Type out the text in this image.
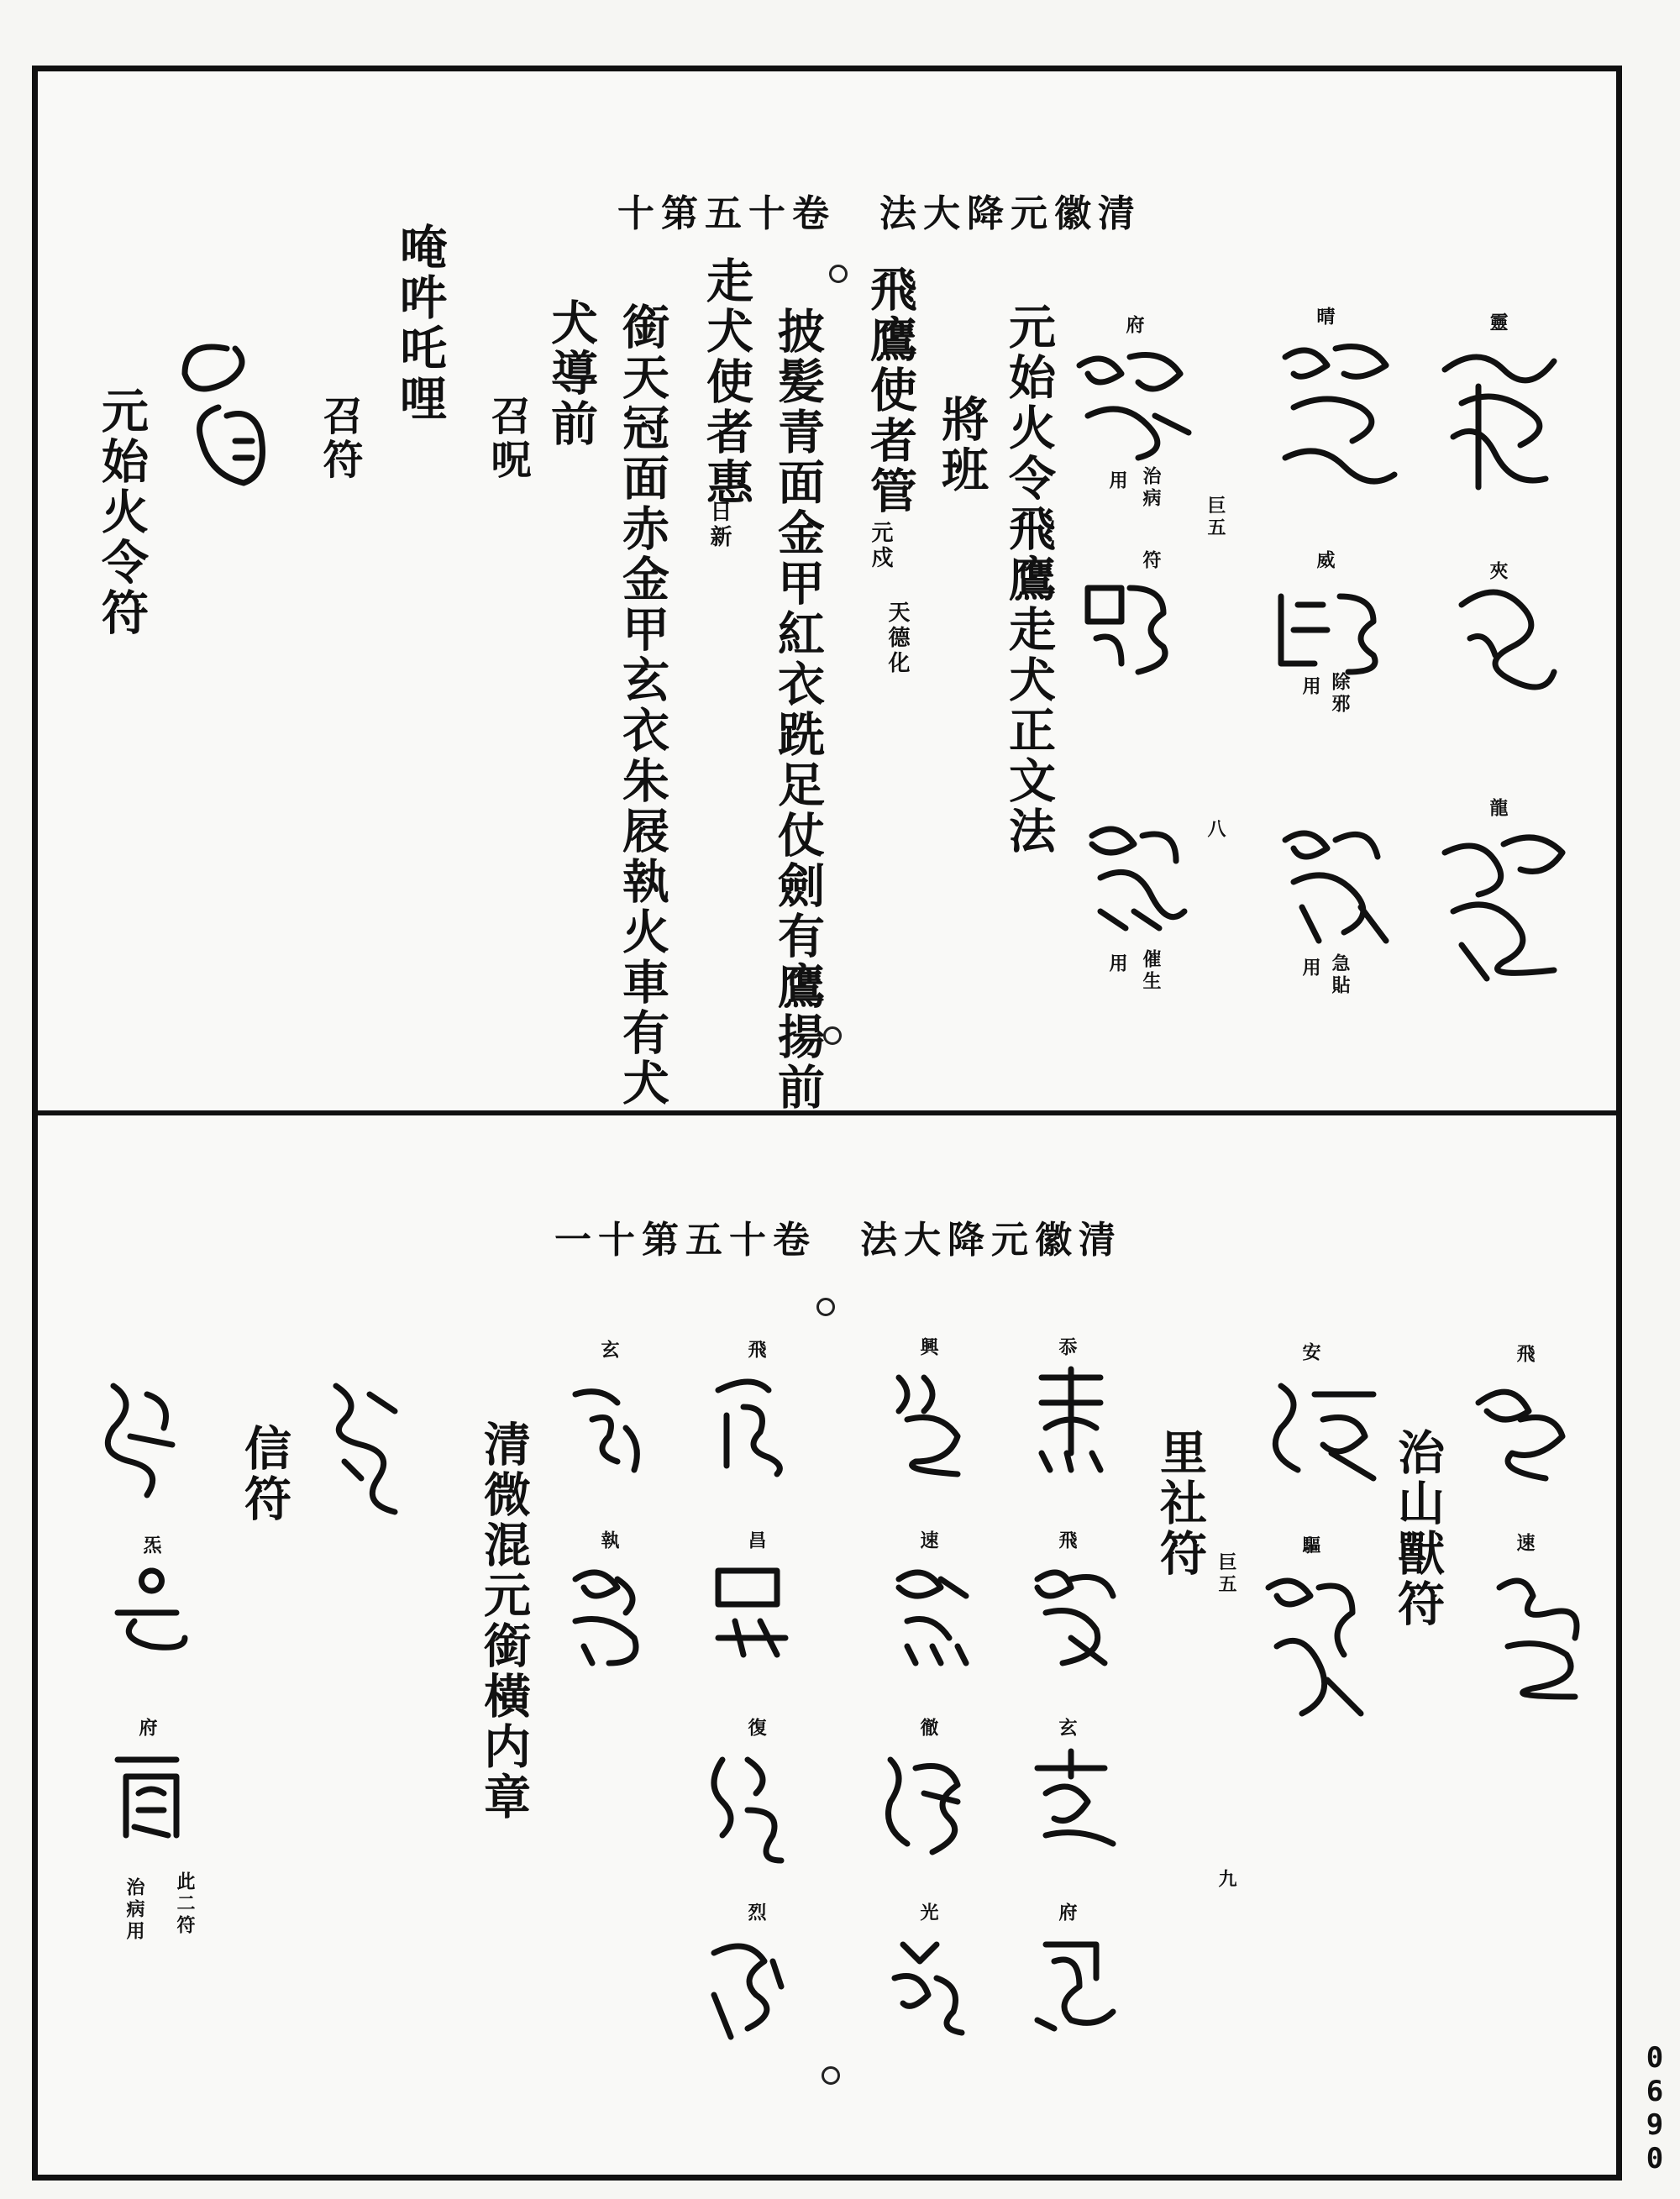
十第五十卷　法大降元徽清
元始火令飛鷹走犬正文法
將班
飛鷹使者管
元戍
天德化
披髪青面金甲紅衣跣足仗劍有鷹揚前
走犬使者惠
日新
銜天冠面赤金甲玄衣朱屐執火車有犬
犬導前
召呪
唵吽吒哩
召符
元始火令符	巨五
八
靈
夾
龍
晴
威
除邪
用
急貼
用
府
治病
用
符
催生
用
一十第五十卷　法大降元徽清
治山獸符
里社符
清微混元銜橫内章
信符
此二符
治病用
巨五
九
飛
速
安
驅
忝
飛
玄
府
興
速
徹
光
飛
昌
復
烈
玄
執
炁
府
0690
